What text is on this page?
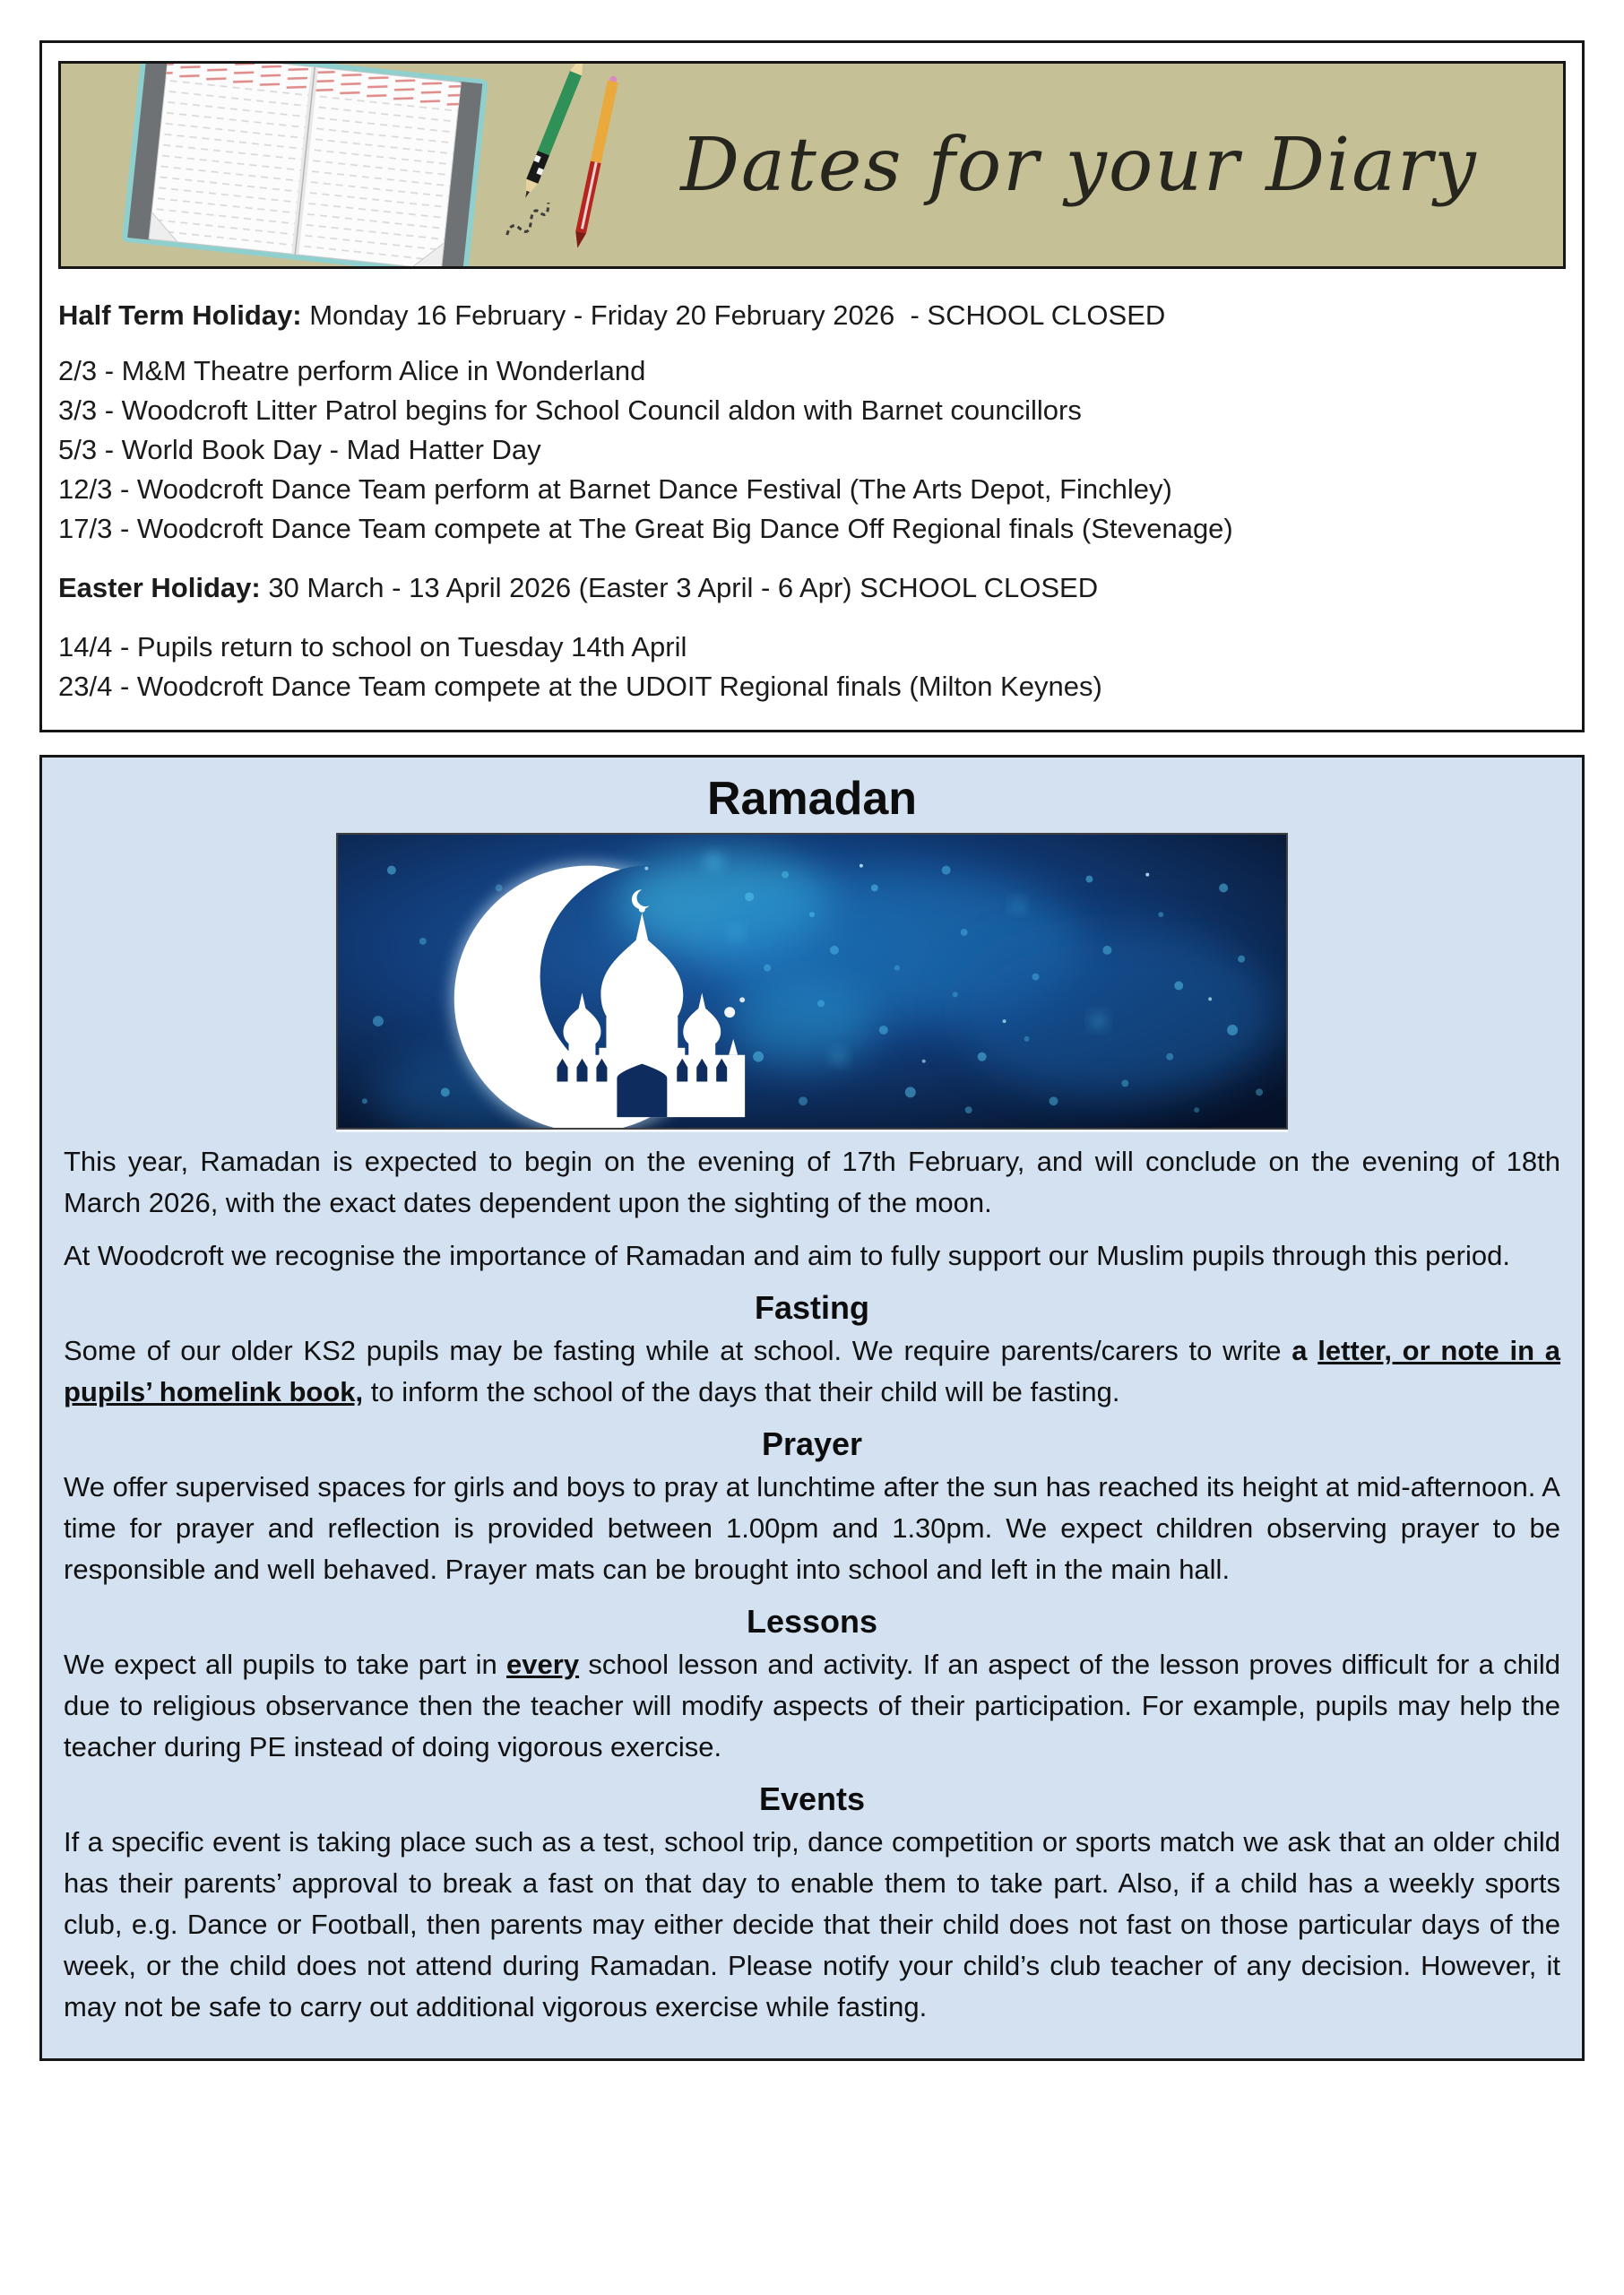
Dates for your Diary

Half Term Holiday: Monday 16 February - Friday 20 February 2026  - SCHOOL CLOSED

2/3 - M&M Theatre perform Alice in Wonderland
3/3 - Woodcroft Litter Patrol begins for School Council aldon with Barnet councillors
5/3 - World Book Day - Mad Hatter Day
12/3 - Woodcroft Dance Team perform at Barnet Dance Festival (The Arts Depot, Finchley)
17/3 - Woodcroft Dance Team compete at The Great Big Dance Off Regional finals (Stevenage)

Easter Holiday: 30 March - 13 April 2026 (Easter 3 April - 6 Apr) SCHOOL CLOSED

14/4 - Pupils return to school on Tuesday 14th April
23/4 - Woodcroft Dance Team compete at the UDOIT Regional finals (Milton Keynes)
Ramadan

This year, Ramadan is expected to begin on the evening of 17th February, and will conclude on the evening of 18th March 2026, with the exact dates dependent upon the sighting of the moon.

At Woodcroft we recognise the importance of Ramadan and aim to fully support our Muslim pupils through this period.

Fasting

Some of our older KS2 pupils may be fasting while at school. We require parents/carers to write a letter, or note in a pupils’ homelink book, to inform the school of the days that their child will be fasting.

Prayer

We offer supervised spaces for girls and boys to pray at lunchtime after the sun has reached its height at mid-afternoon. A time for prayer and reflection is provided between 1.00pm and 1.30pm. We expect children observing prayer to be responsible and well behaved. Prayer mats can be brought into school and left in the main hall.

Lessons

We expect all pupils to take part in every school lesson and activity. If an aspect of the lesson proves difficult for a child due to religious observance then the teacher will modify aspects of their participation. For example, pupils may help the teacher during PE instead of doing vigorous exercise.

Events

If a specific event is taking place such as a test, school trip, dance competition or sports match we ask that an older child has their parents’ approval to break a fast on that day to enable them to take part. Also, if a child has a weekly sports club, e.g. Dance or Football, then parents may either decide that their child does not fast on those particular days of the week, or the child does not attend during Ramadan. Please notify your child’s club teacher of any decision. However, it may not be safe to carry out additional vigorous exercise while fasting.
